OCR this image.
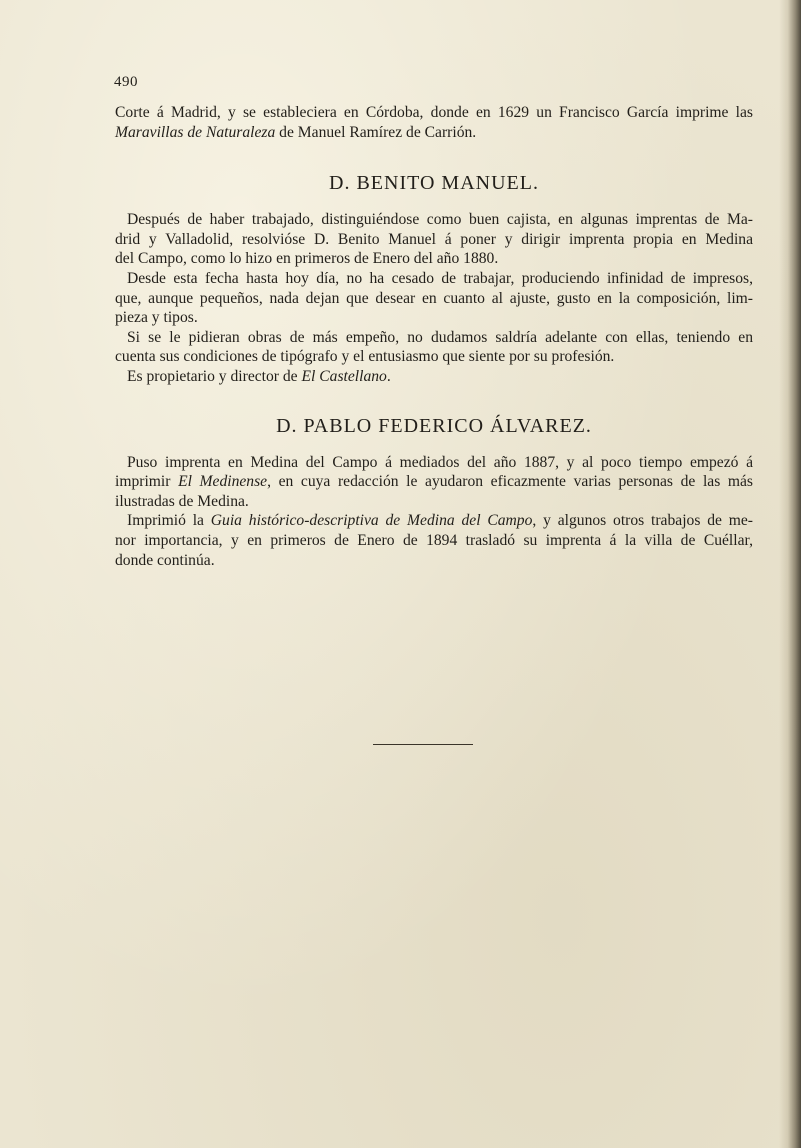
490

Corte á Madrid, y se estableciera en Córdoba, donde en 1629 un Francisco García imprime las
Maravillas de Naturaleza de Manuel Ramírez de Carrión.

D. BENITO MANUEL.

Después de haber trabajado, distinguiéndose como buen cajista, en algunas imprentas de Ma-

drid y Valladolid, resolvióse D. Benito Manuel á poner y dirigir imprenta propia en Medina
del Campo, como lo hizo en primeros de Enero del año 1880.

Desde esta fecha hasta hoy día, no ha cesado de trabajar, produciendo infinidad de impresos,

que, aunque pequeños, nada dejan que desear en cuanto al ajuste, gusto en la composición, lim-
pieza y tipos.

Si se le pidieran obras de más empeño, no dudamos saldría adelante con ellas, teniendo en

cuenta sus condiciones de tipógrafo y el entusiasmo que siente por su profesión.

Es propietario y director de El Castellano.

D. PABLO FEDERICO ÁLVAREZ.

Puso imprenta en Medina del Campo á mediados del año 1887, y al poco tiempo empezó á

imprimir El Medinense, en cuya redacción le ayudaron eficazmente varias personas de las más
ilustradas de Medina.

Imprimió la Guia histórico-descriptiva de Medina del Campo, y algunos otros trabajos de me-

nor importancia, y en primeros de Enero de 1894 trasladó su imprenta á la villa de Cuéllar,
donde continúa.
